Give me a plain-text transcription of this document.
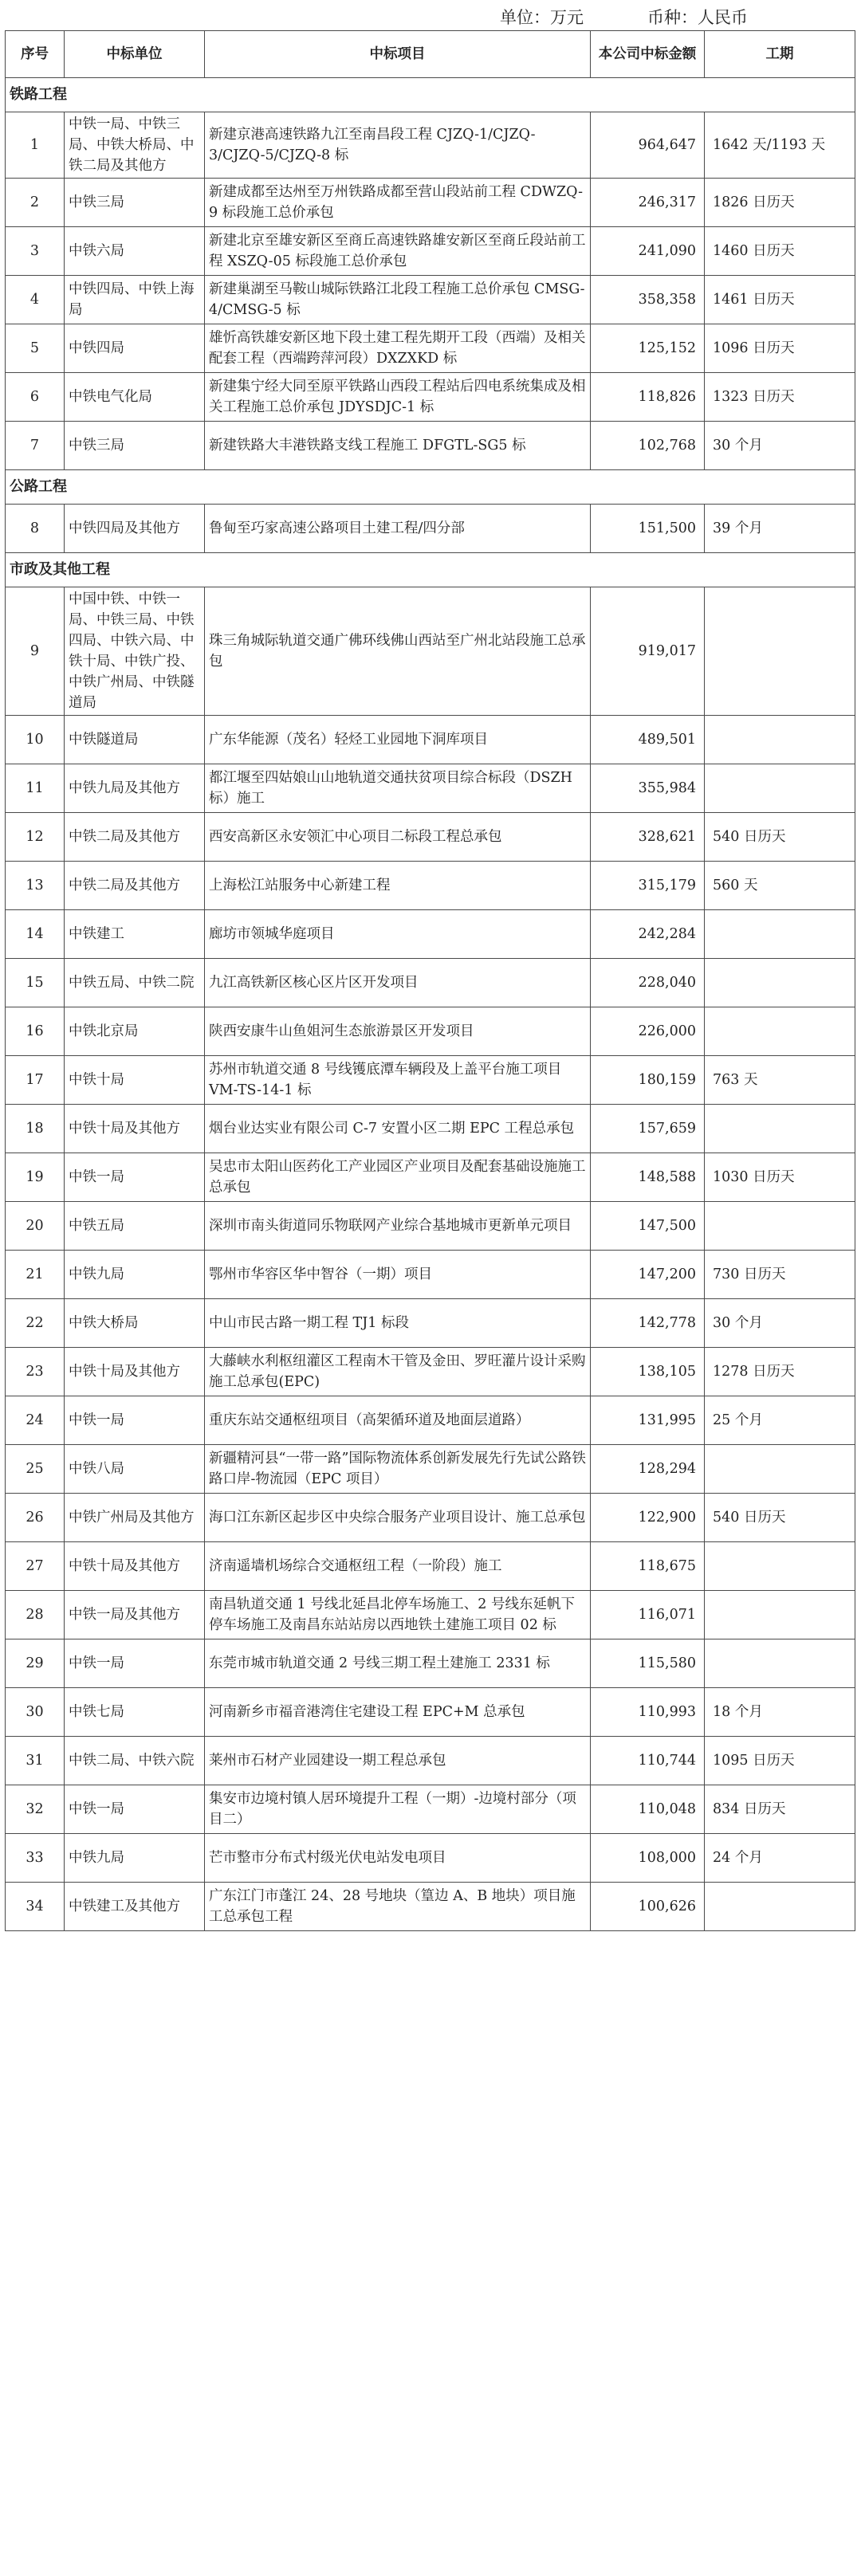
单位：万元	币种：人民币
序号	中标单位	中标项目	本公司中标金额	工期
铁路工程				
1	中铁一局、中铁三局、中铁大桥局、中铁二局及其他方	新建京港高速铁路九江至南昌段工程 CJZQ-1/CJZQ-3/CJZQ-5/CJZQ-8 标	964,647	1642 天/1193 天
2	中铁三局	新建成都至达州至万州铁路成都至营山段站前工程 CDWZQ-9 标段施工总价承包	246,317	1826 日历天
3	中铁六局	新建北京至雄安新区至商丘高速铁路雄安新区至商丘段站前工程 XSZQ-05 标段施工总价承包	241,090	1460 日历天
4	中铁四局、中铁上海局	新建巢湖至马鞍山城际铁路江北段工程施工总价承包 CMSG-4/CMSG-5 标	358,358	1461 日历天
5	中铁四局	雄忻高铁雄安新区地下段土建工程先期开工段（西端）及相关配套工程（西端跨萍河段）DXZXKD 标	125,152	1096 日历天
6	中铁电气化局	新建集宁经大同至原平铁路山西段工程站后四电系统集成及相关工程施工总价承包 JDYSDJC-1 标	118,826	1323 日历天
7	中铁三局	新建铁路大丰港铁路支线工程施工 DFGTL-SG5 标	102,768	30 个月
公路工程				
8	中铁四局及其他方	鲁甸至巧家高速公路项目土建工程/四分部	151,500	39 个月
市政及其他工程				
9	中国中铁、中铁一局、中铁三局、中铁四局、中铁六局、中铁十局、中铁广投、中铁广州局、中铁隧道局	珠三角城际轨道交通广佛环线佛山西站至广州北站段施工总承包	919,017	
10	中铁隧道局	广东华能源（茂名）轻烃工业园地下洞库项目	489,501	
11	中铁九局及其他方	都江堰至四姑娘山山地轨道交通扶贫项目综合标段（DSZH 标）施工	355,984	
12	中铁二局及其他方	西安高新区永安领汇中心项目二标段工程总承包	328,621	540 日历天
13	中铁二局及其他方	上海松江站服务中心新建工程	315,179	560 天
14	中铁建工	廊坊市领城华庭项目	242,284	
15	中铁五局、中铁二院	九江高铁新区核心区片区开发项目	228,040	
16	中铁北京局	陕西安康牛山鱼姐河生态旅游景区开发项目	226,000	
17	中铁十局	苏州市轨道交通 8 号线镬底潭车辆段及上盖平台施工项目VM-TS-14-1 标	180,159	763 天
18	中铁十局及其他方	烟台业达实业有限公司 C-7 安置小区二期 EPC 工程总承包	157,659	
19	中铁一局	吴忠市太阳山医药化工产业园区产业项目及配套基础设施施工总承包	148,588	1030 日历天
20	中铁五局	深圳市南头街道同乐物联网产业综合基地城市更新单元项目	147,500	
21	中铁九局	鄂州市华容区华中智谷（一期）项目	147,200	730 日历天
22	中铁大桥局	中山市民古路一期工程 TJ1 标段	142,778	30 个月
23	中铁十局及其他方	大藤峡水利枢纽灌区工程南木干管及金田、罗旺灌片设计采购施工总承包(EPC)	138,105	1278 日历天
24	中铁一局	重庆东站交通枢纽项目（高架循环道及地面层道路）	131,995	25 个月
25	中铁八局	新疆精河县“一带一路”国际物流体系创新发展先行先试公路铁路口岸-物流园（EPC 项目）	128,294	
26	中铁广州局及其他方	海口江东新区起步区中央综合服务产业项目设计、施工总承包	122,900	540 日历天
27	中铁十局及其他方	济南遥墙机场综合交通枢纽工程（一阶段）施工	118,675	
28	中铁一局及其他方	南昌轨道交通 1 号线北延昌北停车场施工、2 号线东延帆下停车场施工及南昌东站站房以西地铁土建施工项目 02 标	116,071	
29	中铁一局	东莞市城市轨道交通 2 号线三期工程土建施工 2331 标	115,580	
30	中铁七局	河南新乡市福音港湾住宅建设工程 EPC+M 总承包	110,993	18 个月
31	中铁二局、中铁六院	莱州市石材产业园建设一期工程总承包	110,744	1095 日历天
32	中铁一局	集安市边境村镇人居环境提升工程（一期）-边境村部分（项目二）	110,048	834 日历天
33	中铁九局	芒市整市分布式村级光伏电站发电项目	108,000	24 个月
34	中铁建工及其他方	广东江门市蓬江 24、28 号地块（篁边 A、B 地块）项目施工总承包工程	100,626	
